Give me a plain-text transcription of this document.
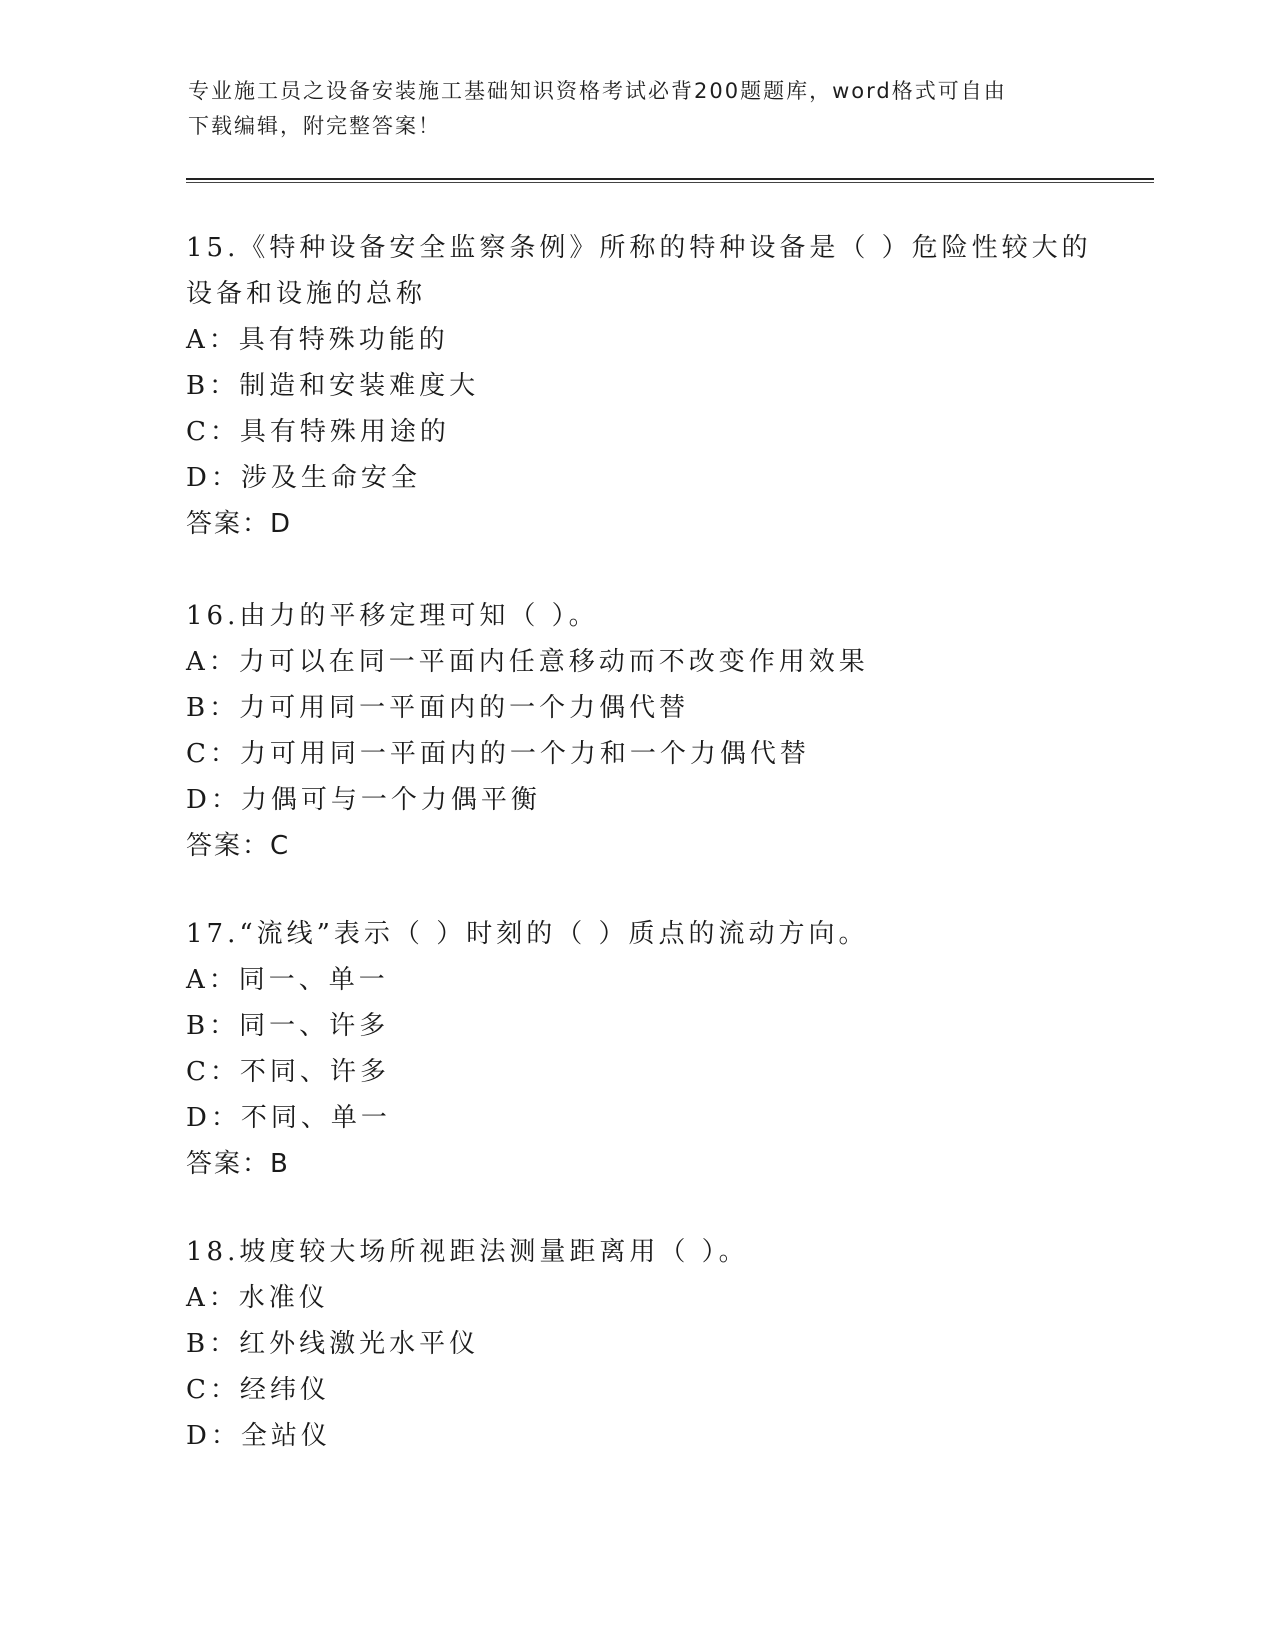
专业施工员之设备安装施工基础知识资格考试必背200题题库，word格式可自由
下载编辑，附完整答案！
15.《特种设备安全监察条例》所称的特种设备是（ ）危险性较大的
设备和设施的总称
A：具有特殊功能的
B：制造和安装难度大
C：具有特殊用途的
D：涉及生命安全
答案：D
16.由力的平移定理可知（ ）。
A：力可以在同一平面内任意移动而不改变作用效果
B：力可用同一平面内的一个力偶代替
C：力可用同一平面内的一个力和一个力偶代替
D：力偶可与一个力偶平衡
答案：C
17.“流线”表示（ ）时刻的（ ）质点的流动方向。
A：同一、单一
B：同一、许多
C：不同、许多
D：不同、单一
答案：B
18.坡度较大场所视距法测量距离用（ ）。
A：水准仪
B：红外线激光水平仪
C：经纬仪
D：全站仪
